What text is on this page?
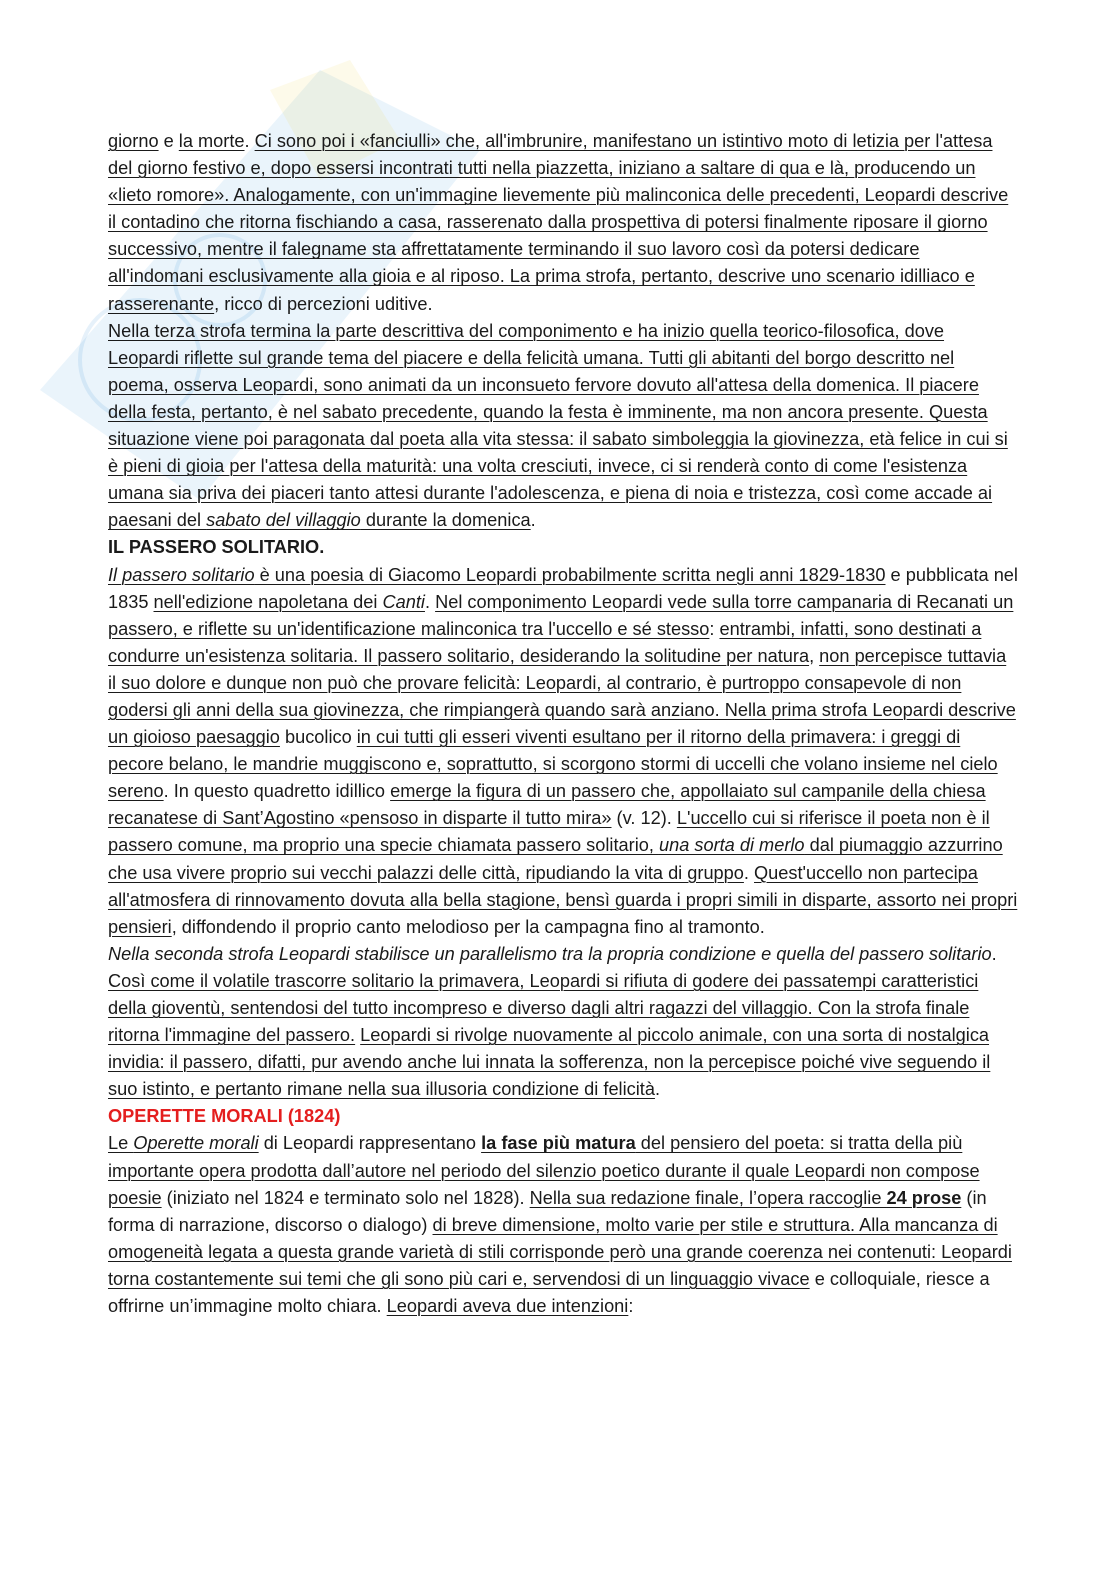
giorno e la morte. Ci sono poi i «fanciulli» che, all'imbrunire, manifestano un istintivo moto di letizia per l'attesa del giorno festivo e, dopo essersi incontrati tutti nella piazzetta, iniziano a saltare di qua e là, producendo un «lieto romore». Analogamente, con un'immagine lievemente più malinconica delle precedenti, Leopardi descrive il contadino che ritorna fischiando a casa, rasserenato dalla prospettiva di potersi finalmente riposare il giorno successivo, mentre il falegname sta affrettatamente terminando il suo lavoro così da potersi dedicare all'indomani esclusivamente alla gioia e al riposo. La prima strofa, pertanto, descrive uno scenario idilliaco e rasserenante, ricco di percezioni uditive.

Nella terza strofa termina la parte descrittiva del componimento e ha inizio quella teorico-filosofica, dove Leopardi riflette sul grande tema del piacere e della felicità umana. Tutti gli abitanti del borgo descritto nel poema, osserva Leopardi, sono animati da un inconsueto fervore dovuto all'attesa della domenica. Il piacere della festa, pertanto, è nel sabato precedente, quando la festa è imminente, ma non ancora presente. Questa situazione viene poi paragonata dal poeta alla vita stessa: il sabato simboleggia la giovinezza, età felice in cui si è pieni di gioia per l'attesa della maturità: una volta cresciuti, invece, ci si renderà conto di come l'esistenza umana sia priva dei piaceri tanto attesi durante l'adolescenza, e piena di noia e tristezza, così come accade ai paesani del sabato del villaggio durante la domenica.

IL PASSERO SOLITARIO.

Il passero solitario è una poesia di Giacomo Leopardi probabilmente scritta negli anni 1829-1830 e pubblicata nel 1835 nell'edizione napoletana dei Canti. Nel componimento Leopardi vede sulla torre campanaria di Recanati un passero, e riflette su un'identificazione malinconica tra l'uccello e sé stesso: entrambi, infatti, sono destinati a condurre un'esistenza solitaria. Il passero solitario, desiderando la solitudine per natura, non percepisce tuttavia il suo dolore e dunque non può che provare felicità: Leopardi, al contrario, è purtroppo consapevole di non godersi gli anni della sua giovinezza, che rimpiangerà quando sarà anziano. Nella prima strofa Leopardi descrive un gioioso paesaggio bucolico in cui tutti gli esseri viventi esultano per il ritorno della primavera: i greggi di pecore belano, le mandrie muggiscono e, soprattutto, si scorgono stormi di uccelli che volano insieme nel cielo sereno. In questo quadretto idillico emerge la figura di un passero che, appollaiato sul campanile della chiesa recanatese di Sant’Agostino «pensoso in disparte il tutto mira» (v. 12). L'uccello cui si riferisce il poeta non è il passero comune, ma proprio una specie chiamata passero solitario, una sorta di merlo dal piumaggio azzurrino che usa vivere proprio sui vecchi palazzi delle città, ripudiando la vita di gruppo. Quest'uccello non partecipa all'atmosfera di rinnovamento dovuta alla bella stagione, bensì guarda i propri simili in disparte, assorto nei propri pensieri, diffondendo il proprio canto melodioso per la campagna fino al tramonto.

Nella seconda strofa Leopardi stabilisce un parallelismo tra la propria condizione e quella del passero solitario. Così come il volatile trascorre solitario la primavera, Leopardi si rifiuta di godere dei passatempi caratteristici della gioventù, sentendosi del tutto incompreso e diverso dagli altri ragazzi del villaggio. Con la strofa finale ritorna l'immagine del passero. Leopardi si rivolge nuovamente al piccolo animale, con una sorta di nostalgica invidia: il passero, difatti, pur avendo anche lui innata la sofferenza, non la percepisce poiché vive seguendo il suo istinto, e pertanto rimane nella sua illusoria condizione di felicità.

OPERETTE MORALI (1824)

Le Operette morali di Leopardi rappresentano la fase più matura del pensiero del poeta: si tratta della più importante opera prodotta dall’autore nel periodo del silenzio poetico durante il quale Leopardi non compose poesie (iniziato nel 1824 e terminato solo nel 1828). Nella sua redazione finale, l’opera raccoglie 24 prose (in forma di narrazione, discorso o dialogo) di breve dimensione, molto varie per stile e struttura. Alla mancanza di omogeneità legata a questa grande varietà di stili corrisponde però una grande coerenza nei contenuti: Leopardi torna costantemente sui temi che gli sono più cari e, servendosi di un linguaggio vivace e colloquiale, riesce a offrirne un’immagine molto chiara. Leopardi aveva due intenzioni:
